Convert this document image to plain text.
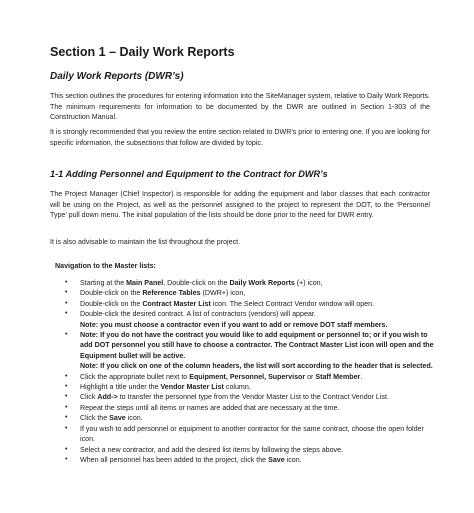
Section 1 – Daily Work Reports
Daily Work Reports (DWR’s)
This section outlines the procedures for entering information into the SiteManager system, relative to Daily Work Reports. The minimum requirements for information to be documented by the DWR are outlined in Section 1-303 of the Construction Manual.
It is strongly recommended that you review the entire section related to DWR’s prior to entering one. If you are looking for specific information, the subsections that follow are divided by topic.
1-1 Adding Personnel and Equipment to the Contract for DWR’s
The Project Manager (Chief Inspector) is responsible for adding the equipment and labor classes that each contractor will be using on the Project, as well as the personnel assigned to the project to represent the DOT, to the ‘Personnel Type’ pull down menu. The initial population of the lists should be done prior to the need for DWR entry.
It is also advisable to maintain the list throughout the project.
Navigation to the Master lists:
• Starting at the Main Panel, Double-click on the Daily Work Reports (+) icon,
• Double-click on the Reference Tables (DWR+) icon,
• Double-click on the Contract Master List icon. The Select Contract Vendor window will open.
• Double-click the desired contract. A list of contractors (vendors) will appear.
Note: you must choose a contractor even if you want to add or remove DOT staff members.
• Note: If you do not have the contract you would like to add equipment or personnel to; or if you wish to add DOT personnel you still have to choose a contractor. The Contract Master List icon will open and the Equipment bullet will be active.
Note: If you click on one of the column headers, the list will sort according to the header that is selected.
• Click the appropriate bullet next to Equipment, Personnel, Supervisor or Staff Member.
• Highlight a title under the Vendor Master List column.
• Click Add-> to transfer the personnel type from the Vendor Master List to the Contract Vendor List.
• Repeat the steps until all items or names are added that are necessary at the time.
• Click the Save icon.
• If you wish to add personnel or equipment to another contractor for the same contract, choose the open folder icon.
• Select a new contractor, and add the desired list items by following the steps above.
• When all personnel has been added to the project, click the Save icon.
